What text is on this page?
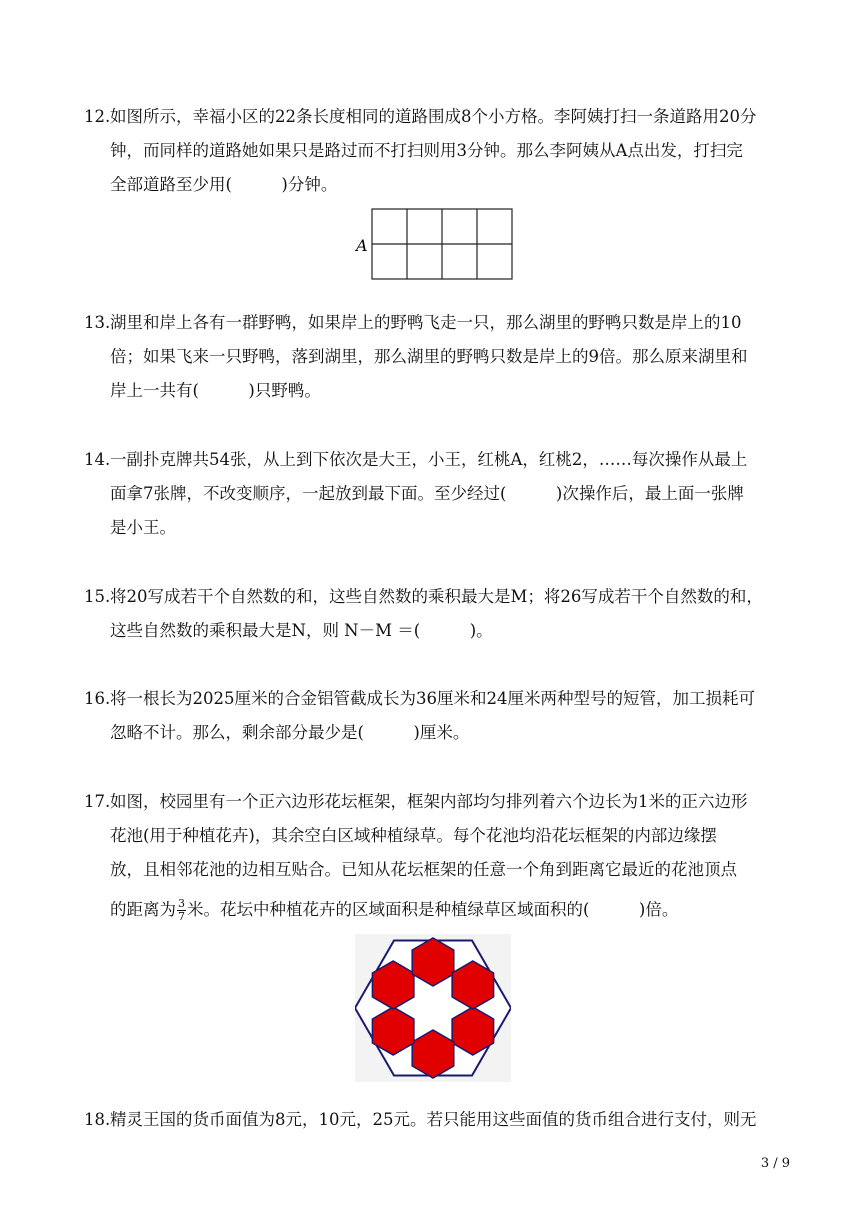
12.如图所示，幸福小区的22条长度相同的道路围成8个小方格。李阿姨打扫一条道路用20分
钟，而同样的道路她如果只是路过而不打扫则用3分钟。那么李阿姨从A点出发，打扫完
全部道路至少用(　　　)分钟。
A
13.湖里和岸上各有一群野鸭，如果岸上的野鸭飞走一只，那么湖里的野鸭只数是岸上的10
倍；如果飞来一只野鸭，落到湖里，那么湖里的野鸭只数是岸上的9倍。那么原来湖里和
岸上一共有(　　　)只野鸭。
14.一副扑克牌共54张，从上到下依次是大王，小王，红桃A，红桃2，……每次操作从最上
面拿7张牌，不改变顺序，一起放到最下面。至少经过(　　　)次操作后，最上面一张牌
是小王。
15.将20写成若干个自然数的和，这些自然数的乘积最大是M；将26写成若干个自然数的和，
这些自然数的乘积最大是N，则 N－M ＝(　　　)。
16.将一根长为2025厘米的合金铝管截成长为36厘米和24厘米两种型号的短管，加工损耗可
忽略不计。那么，剩余部分最少是(　　　)厘米。
17.如图，校园里有一个正六边形花坛框架，框架内部均匀排列着六个边长为1米的正六边形
花池(用于种植花卉)，其余空白区域种植绿草。每个花池均沿花坛框架的内部边缘摆
放，且相邻花池的边相互贴合。已知从花坛框架的任意一个角到距离它最近的花池顶点
的距离为 $\frac{3}{7}$ 米。花坛中种植花卉的区域面积是种植绿草区域面积的(　　　)倍。
18.精灵王国的货币面值为8元，10元，25元。若只能用这些面值的货币组合进行支付，则无
3 / 9
